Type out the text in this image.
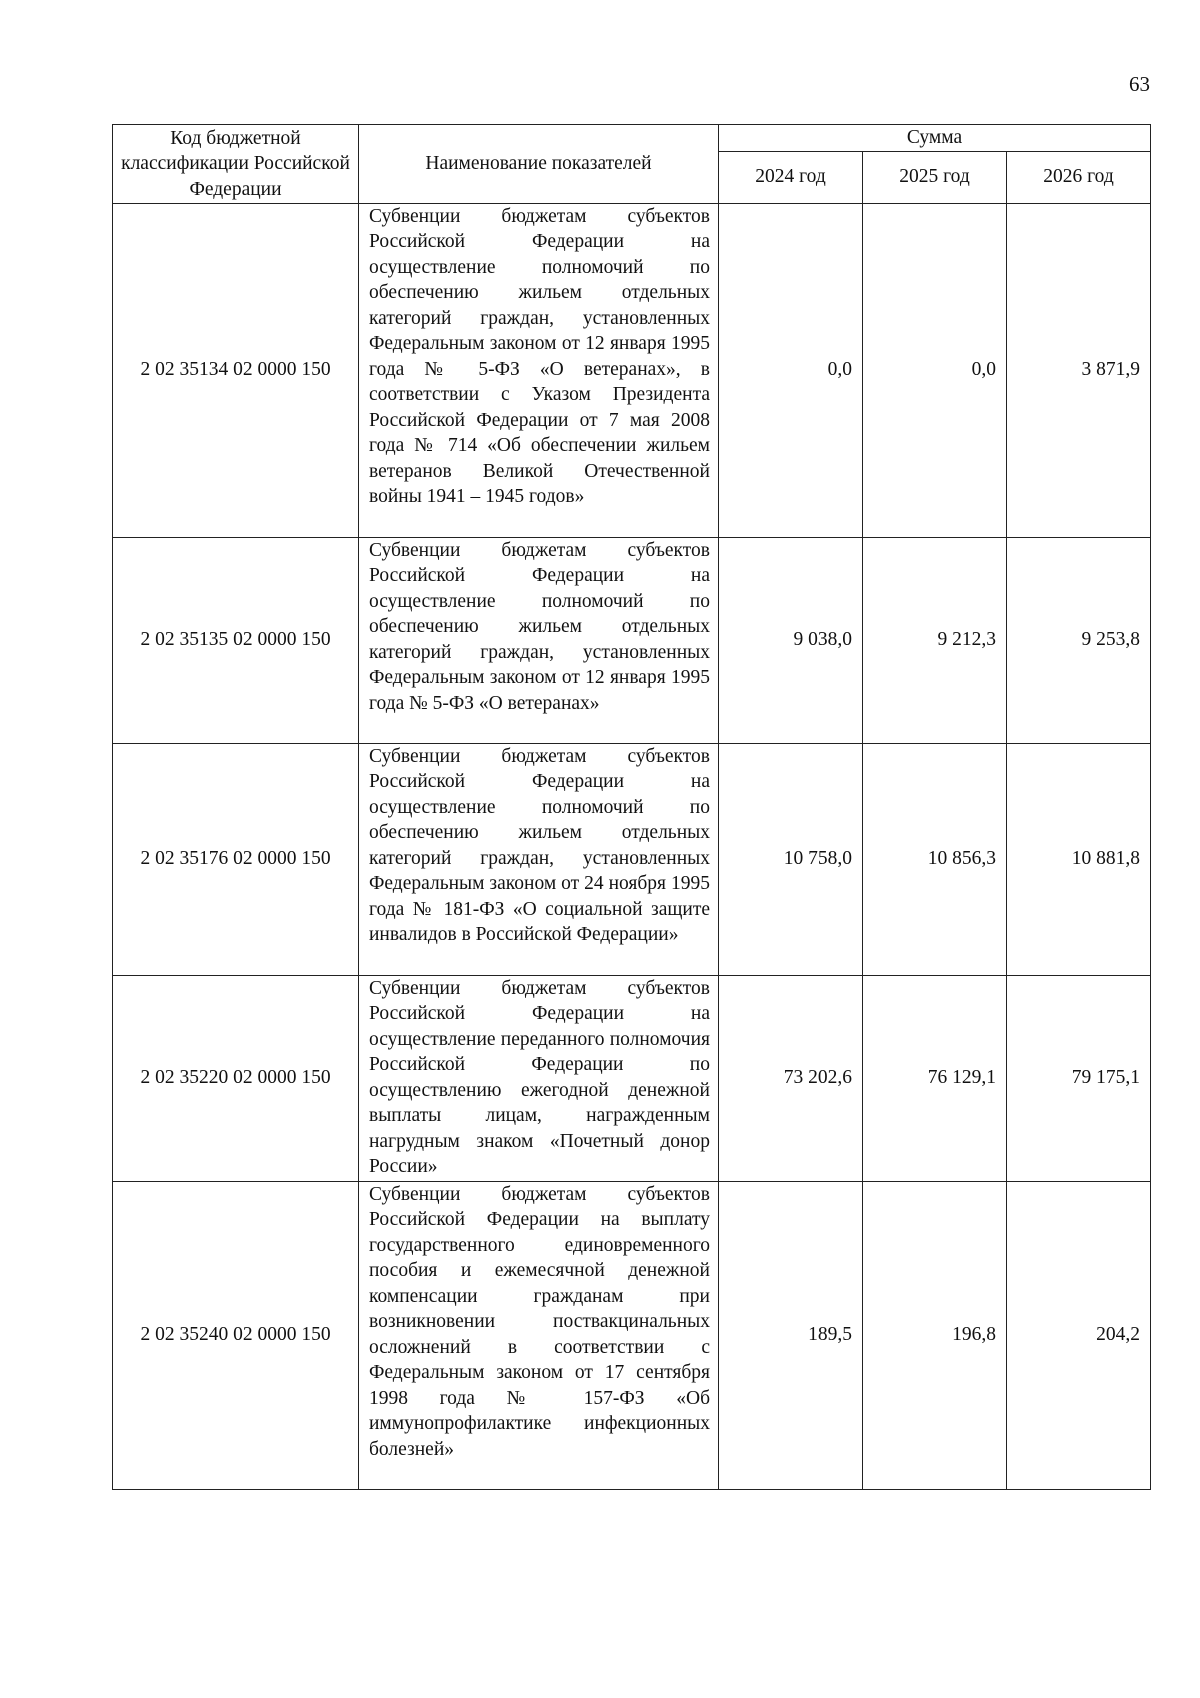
63
Код бюджетной классификации Российской Федерации	Наименование показателей	Сумма		
		2024 год	2025 год	2026 год
2 02 35134 02 0000 150	Субвенции бюджетам субъектов Российской Федерации на осуществление полномочий по обеспечению жильем отдельных категорий граждан, установленных Федеральным законом от 12 января 1995 года № 5-ФЗ «О ветеранах», в соответствии с Указом Президента Российской Федерации от 7 мая 2008 года № 714 «Об обеспечении жильем ветеранов Великой Отечественной войны 1941 – 1945 годов»	0,0	0,0	3 871,9
2 02 35135 02 0000 150	Субвенции бюджетам субъектов Российской Федерации на осуществление полномочий по обеспечению жильем отдельных категорий граждан, установленных Федеральным законом от 12 января 1995 года № 5-ФЗ «О ветеранах»	9 038,0	9 212,3	9 253,8
2 02 35176 02 0000 150	Субвенции бюджетам субъектов Российской Федерации на осуществление полномочий по обеспечению жильем отдельных категорий граждан, установленных Федеральным законом от 24 ноября 1995 года № 181-ФЗ «О социальной защите инвалидов в Российской Федерации»	10 758,0	10 856,3	10 881,8
2 02 35220 02 0000 150	Субвенции бюджетам субъектов Российской Федерации на осуществление переданного полномочия Российской Федерации по осуществлению ежегодной денежной выплаты лицам, награжденным нагрудным знаком «Почетный донор России»	73 202,6	76 129,1	79 175,1
2 02 35240 02 0000 150	Субвенции бюджетам субъектов Российской Федерации на выплату государственного единовременного пособия и ежемесячной денежной компенсации гражданам при возникновении поствакцинальных осложнений в соответствии с Федеральным законом от 17 сентября 1998 года № 157-ФЗ «Об иммунопрофилактике инфекционных болезней»	189,5	196,8	204,2
